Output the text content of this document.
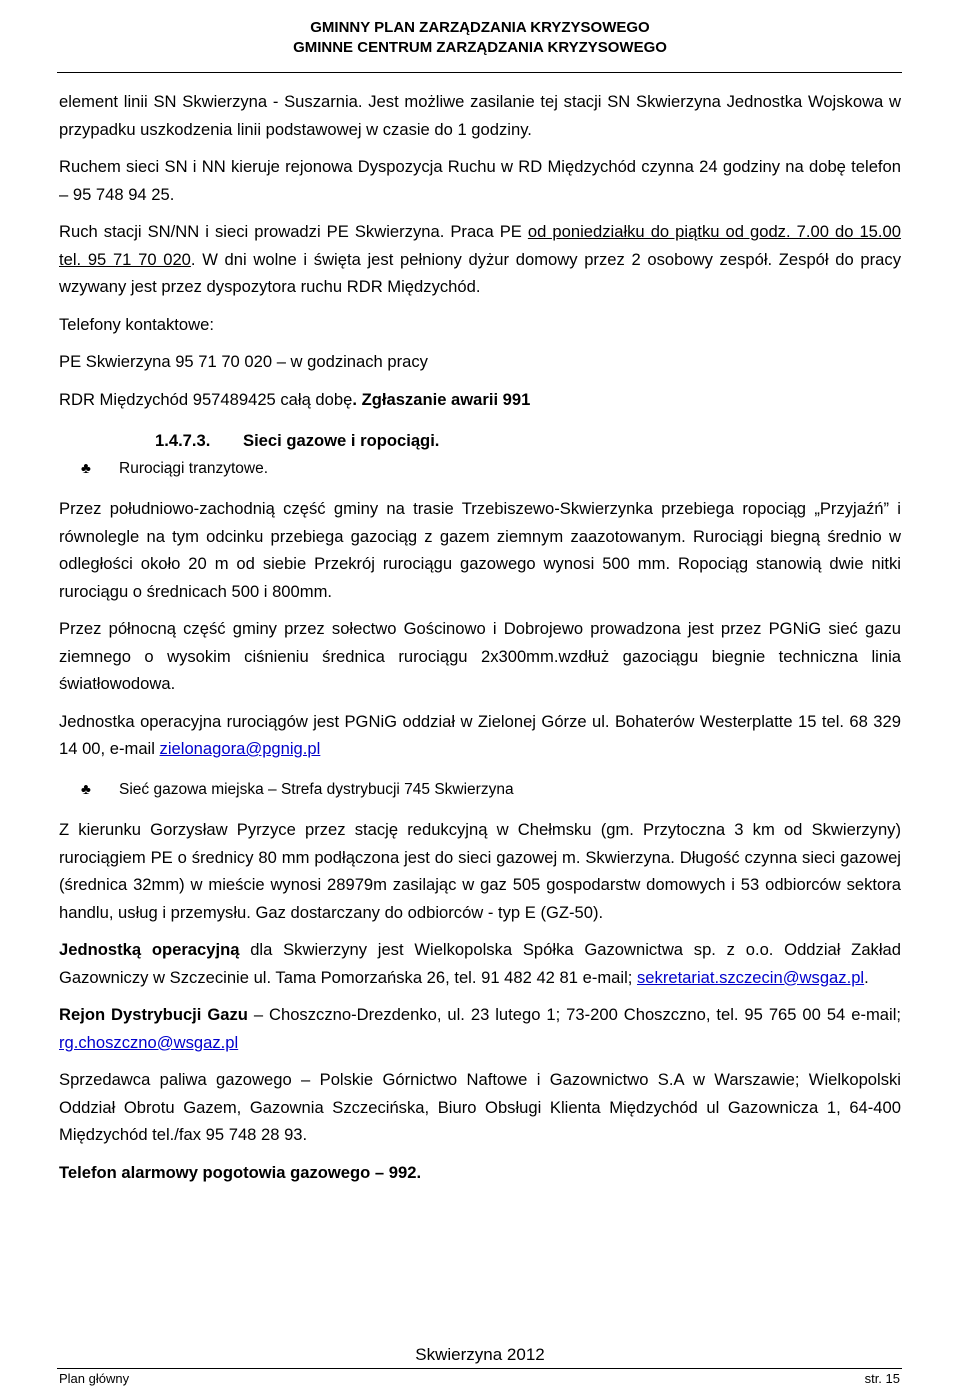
GMINNY PLAN ZARZĄDZANIA KRYZYSOWEGO
GMINNE CENTRUM ZARZĄDZANIA KRYZYSOWEGO

element linii SN Skwierzyna - Suszarnia. Jest możliwe zasilanie tej stacji SN Skwierzyna Jednostka Wojskowa w przypadku uszkodzenia linii podstawowej w czasie do 1 godziny.

Ruchem sieci SN i NN kieruje rejonowa Dyspozycja Ruchu w RD Międzychód czynna 24 godziny na dobę telefon – 95 748 94 25.

Ruch stacji SN/NN i sieci prowadzi PE Skwierzyna. Praca PE od poniedziałku do piątku od godz. 7.00 do 15.00 tel. 95 71 70 020. W dni wolne i święta jest pełniony dyżur domowy przez 2 osobowy zespół. Zespół do pracy wzywany jest przez dyspozytora ruchu RDR Międzychód.

Telefony kontaktowe:

PE Skwierzyna 95 71 70 020 – w godzinach pracy

RDR Międzychód 957489425 całą dobę. Zgłaszanie awarii 991

1.4.7.3. Sieci gazowe i ropociągi.
♣	Rurociągi tranzytowe.

Przez południowo-zachodnią część gminy na trasie Trzebiszewo-Skwierzynka przebiega ropociąg „Przyjaźń” i równolegle na tym odcinku przebiega gazociąg z gazem ziemnym zaazotowanym. Rurociągi biegną średnio w odległości około 20 m od siebie Przekrój rurociągu gazowego wynosi 500 mm. Ropociąg stanowią dwie nitki rurociągu o średnicach 500 i 800mm.

Przez północną część gminy przez sołectwo Gościnowo i Dobrojewo prowadzona jest przez PGNiG sieć gazu ziemnego o wysokim ciśnieniu średnica rurociągu 2x300mm.wzdłuż gazociągu biegnie techniczna linia światłowodowa.

Jednostka operacyjna rurociągów jest PGNiG oddział w Zielonej Górze ul. Bohaterów Westerplatte 15 tel. 68 329 14 00, e-mail zielonagora@pgnig.pl

♣	Sieć gazowa miejska – Strefa dystrybucji 745 Skwierzyna

Z kierunku Gorzysław Pyrzyce przez stację redukcyjną w Chełmsku (gm. Przytoczna 3 km od Skwierzyny) rurociągiem PE o średnicy 80 mm podłączona jest do sieci gazowej m. Skwierzyna. Długość czynna sieci gazowej (średnica 32mm) w mieście wynosi 28979m zasilając w gaz 505 gospodarstw domowych i 53 odbiorców sektora handlu, usług i przemysłu. Gaz dostarczany do odbiorców - typ E (GZ-50).

Jednostką operacyjną dla Skwierzyny jest Wielkopolska Spółka Gazownictwa sp. z o.o. Oddział Zakład Gazowniczy w Szczecinie ul. Tama Pomorzańska 26, tel. 91 482 42 81 e-mail; sekretariat.szczecin@wsgaz.pl.

Rejon Dystrybucji Gazu – Choszczno-Drezdenko, ul. 23 lutego 1; 73-200 Choszczno, tel. 95 765 00 54 e-mail; rg.choszczno@wsgaz.pl

Sprzedawca paliwa gazowego – Polskie Górnictwo Naftowe i Gazownictwo S.A w Warszawie; Wielkopolski Oddział Obrotu Gazem, Gazownia Szczecińska, Biuro Obsługi Klienta Międzychód ul Gazownicza 1, 64-400 Międzychód tel./fax 95 748 28 93.

Telefon alarmowy pogotowia gazowego – 992.

Skwierzyna 2012
Plan główny	str. 15
